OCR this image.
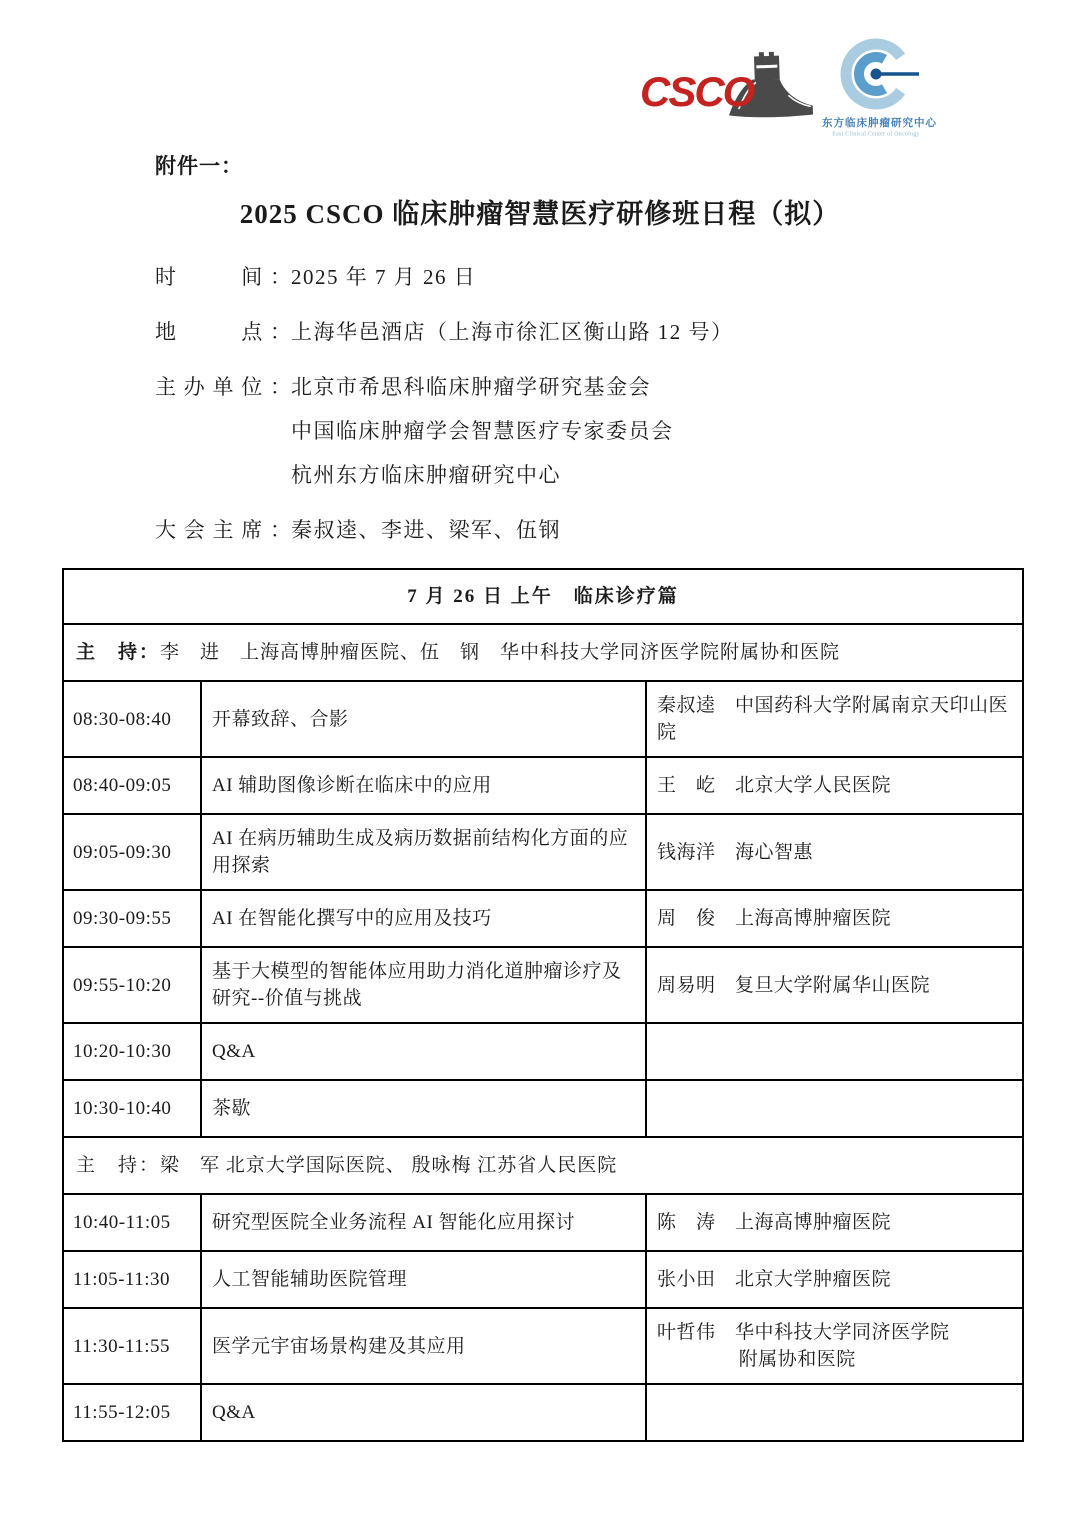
CSCO
东方临床肿瘤研究中心
East Clinical Center of Oncology
附件一：
2025 CSCO 临床肿瘤智慧医疗研修班日程（拟）
时　　间： 2025 年 7 月 26 日
地　　点： 上海华邑酒店（上海市徐汇区衡山路 12 号）
主办单位： 北京市希思科临床肿瘤学研究基金会
中国临床肿瘤学会智慧医疗专家委员会
杭州东方临床肿瘤研究中心
大会主席： 秦叔逵、李进、梁军、伍钢
7 月 26 日 上午　临床诊疗篇		
主　持：李　进　上海高博肿瘤医院、伍　钢　华中科技大学同济医学院附属协和医院		
08:30-08:40	开幕致辞、合影	秦叔逵　中国药科大学附属南京天印山医院
08:40-09:05	AI 辅助图像诊断在临床中的应用	王　屹　北京大学人民医院
09:05-09:30	AI 在病历辅助生成及病历数据前结构化方面的应用探索	钱海洋　海心智惠
09:30-09:55	AI 在智能化撰写中的应用及技巧	周　俊　上海高博肿瘤医院
09:55-10:20	基于大模型的智能体应用助力消化道肿瘤诊疗及研究--价值与挑战	周易明　复旦大学附属华山医院
10:20-10:30	Q&A	
10:30-10:40	茶歇	
主　持：梁　军 北京大学国际医院、 殷咏梅 江苏省人民医院		
10:40-11:05	研究型医院全业务流程 AI 智能化应用探讨	陈　涛　上海高博肿瘤医院
11:05-11:30	人工智能辅助医院管理	张小田　北京大学肿瘤医院
11:30-11:55	医学元宇宙场景构建及其应用	叶哲伟　华中科技大学同济医学院
附属协和医院

11:55-12:05	Q&A	
